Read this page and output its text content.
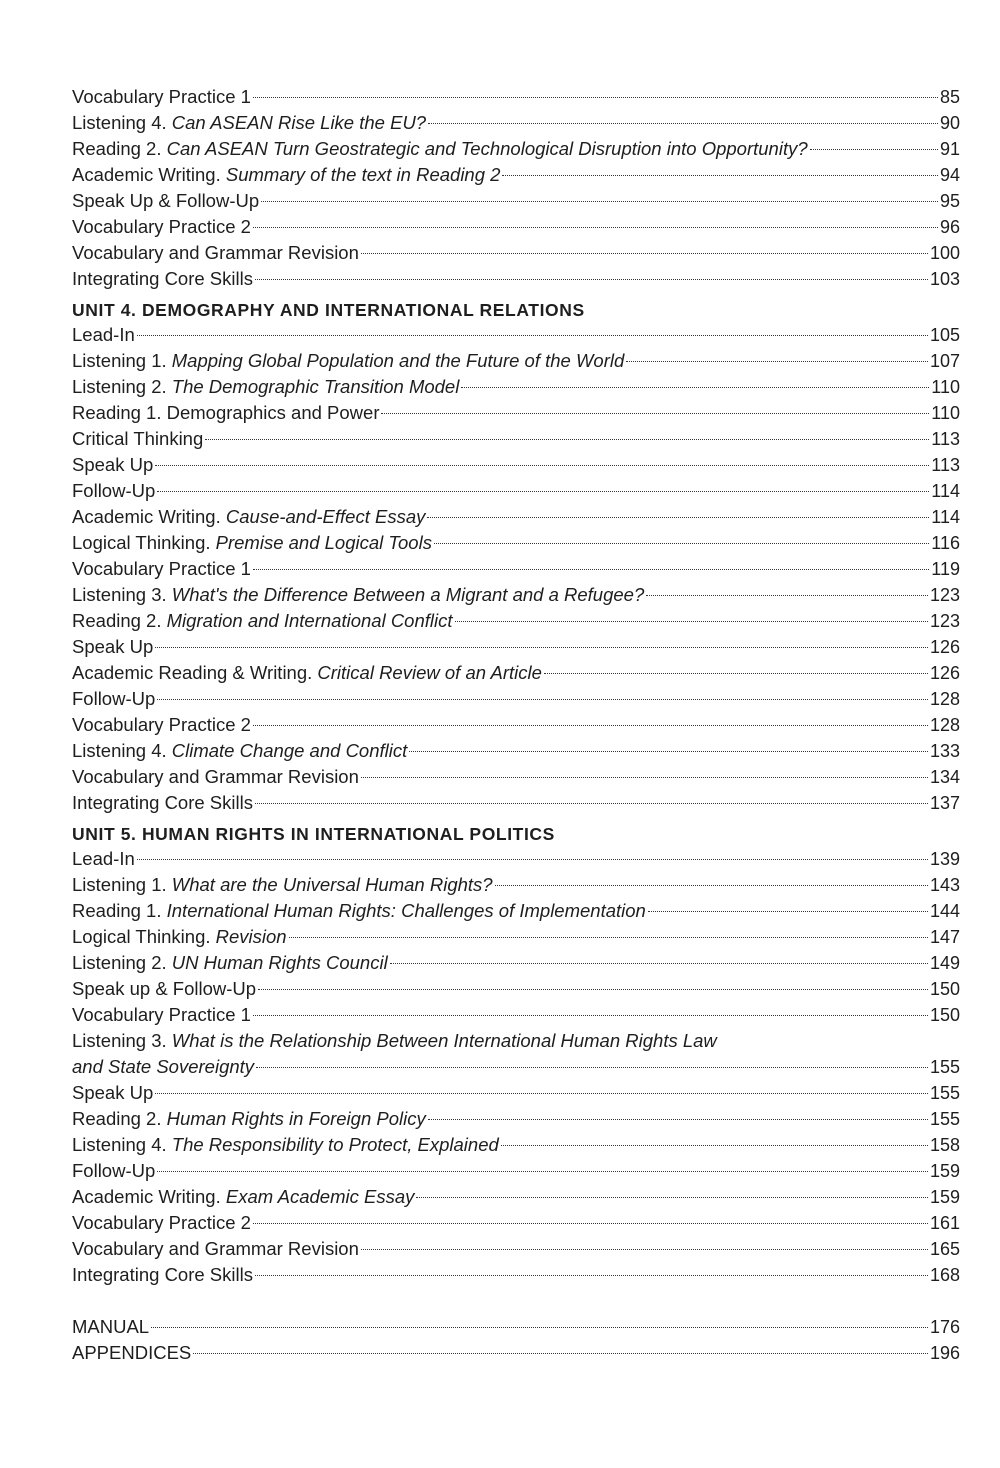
Vocabulary Practice 1	85
Listening 4. Can ASEAN Rise Like the EU?	90
Reading 2. Can ASEAN Turn Geostrategic and Technological Disruption into Opportunity?	91
Academic Writing. Summary of the text in Reading 2	94
Speak Up & Follow-Up	95
Vocabulary Practice 2	96
Vocabulary and Grammar Revision	100
Integrating Core Skills	103
UNIT 4. DEMOGRAPHY AND INTERNATIONAL RELATIONS
Lead-In	105
Listening 1. Mapping Global Population and the Future of the World	107
Listening 2. The Demographic Transition Model	110
Reading 1. Demographics and Power	110
Critical Thinking	113
Speak Up	113
Follow-Up	114
Academic Writing. Cause-and-Effect Essay	114
Logical Thinking. Premise and Logical Tools	116
Vocabulary Practice 1	119
Listening 3. What's the Difference Between a Migrant and a Refugee?	123
Reading 2. Migration and International Conflict	123
Speak Up	126
Academic Reading & Writing. Critical Review of an Article	126
Follow-Up	128
Vocabulary Practice 2	128
Listening 4. Climate Change and Conflict	133
Vocabulary and Grammar Revision	134
Integrating Core Skills	137
UNIT 5. HUMAN RIGHTS IN INTERNATIONAL POLITICS
Lead-In	139
Listening 1. What are the Universal Human Rights?	143
Reading 1. International Human Rights: Challenges of Implementation	144
Logical Thinking. Revision	147
Listening 2. UN Human Rights Council	149
Speak up & Follow-Up	150
Vocabulary Practice 1	150
Listening 3. What is the Relationship Between International Human Rights Law
and State Sovereignty	155
Speak Up	155
Reading 2. Human Rights in Foreign Policy	155
Listening 4. The Responsibility to Protect, Explained	158
Follow-Up	159
Academic Writing. Exam Academic Essay	159
Vocabulary Practice 2	161
Vocabulary and Grammar Revision	165
Integrating Core Skills	168
MANUAL	176
APPENDICES	196
